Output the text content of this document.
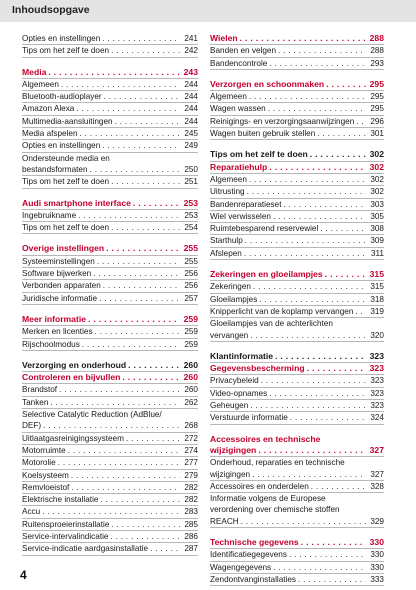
Inhoudsopgave
Opties en instellingen . . .	241
Tips om het zelf te doen . . .	242
Media . . .	243
Algemeen . . .	244
Bluetooth-audioplayer . . .	244
Amazon Alexa . . .	244
Multimedia-aansluitingen . . .	244
Media afspelen . . .	245
Opties en instellingen . . .	249
Ondersteunde media en
bestandsformaten . . .	250
Tips om het zelf te doen . . .	251
Audi smartphone interface . . .	253
Ingebruikname . . .	253
Tips om het zelf te doen . . .	254
Overige instellingen . . .	255
Systeeminstellingen . . .	255
Software bijwerken . . .	256
Verbonden apparaten . . .	256
Juridische informatie . . .	257
Meer informatie . . .	259
Merken en licenties . . .	259
Rijschoolmodus . . .	259
Verzorging en onderhoud . . .	260
Controleren en bijvullen . . .	260
Brandstof . . .	260
Tanken . . .	262
Selective Catalytic Reduction (AdBlue/
DEF) . . .	268
Uitlaatgasreinigingssysteem . . .	272
Motorruimte . . .	274
Motorolie . . .	277
Koelsysteem . . .	279
Remvloeistof . . .	282
Elektrische installatie . . .	282
Accu . . .	283
Ruitensproeierinstallatie . . .	285
Service-intervalindicatie . . .	286
Service-indicatie aardgasinstallatie . . .	287
Wielen . . .	288
Banden en velgen . . .	288
Bandencontrole . . .	293
Verzorgen en schoonmaken . . .	295
Algemeen . . .	295
Wagen wassen . . .	295
Reinigings- en verzorgingsaanwijzingen . . . 296
Wagen buiten gebruik stellen . . .	301
Tips om het zelf te doen . . .	302
Reparatiehulp . . .	302
Algemeen . . .	302
Uitrusting . . .	302
Bandenreparatieset . . .	303
Wiel verwisselen . . .	305
Ruimtebesparend reservewiel . . .	308
Starthulp . . .	309
Afslepen . . .	311
Zekeringen en gloeilampjes . . .	315
Zekeringen . . .	315
Gloeilampjes . . .	318
Knipperlicht van de koplamp vervangen . . . 319
Gloeilampjes van de achterlichten
vervangen . . .	320
Klantinformatie . . .	323
Gegevensbescherming . . .	323
Privacybeleid . . .	323
Video-opnames . . .	323
Geheugen . . .	323
Verstuurde informatie . . .	324
Accessoires en technische
wijzigingen . . .	327
Onderhoud, reparaties en technische
wijzigingen . . .	327
Accessoires en onderdelen . . .	328
Informatie volgens de Europese
verordening over chemische stoffen
REACH . . .	329
Technische gegevens . . .	330
Identificatiegegevens . . .	330
Wagengegevens . . .	330
Zendontvanginstallaties . . .	333
4
